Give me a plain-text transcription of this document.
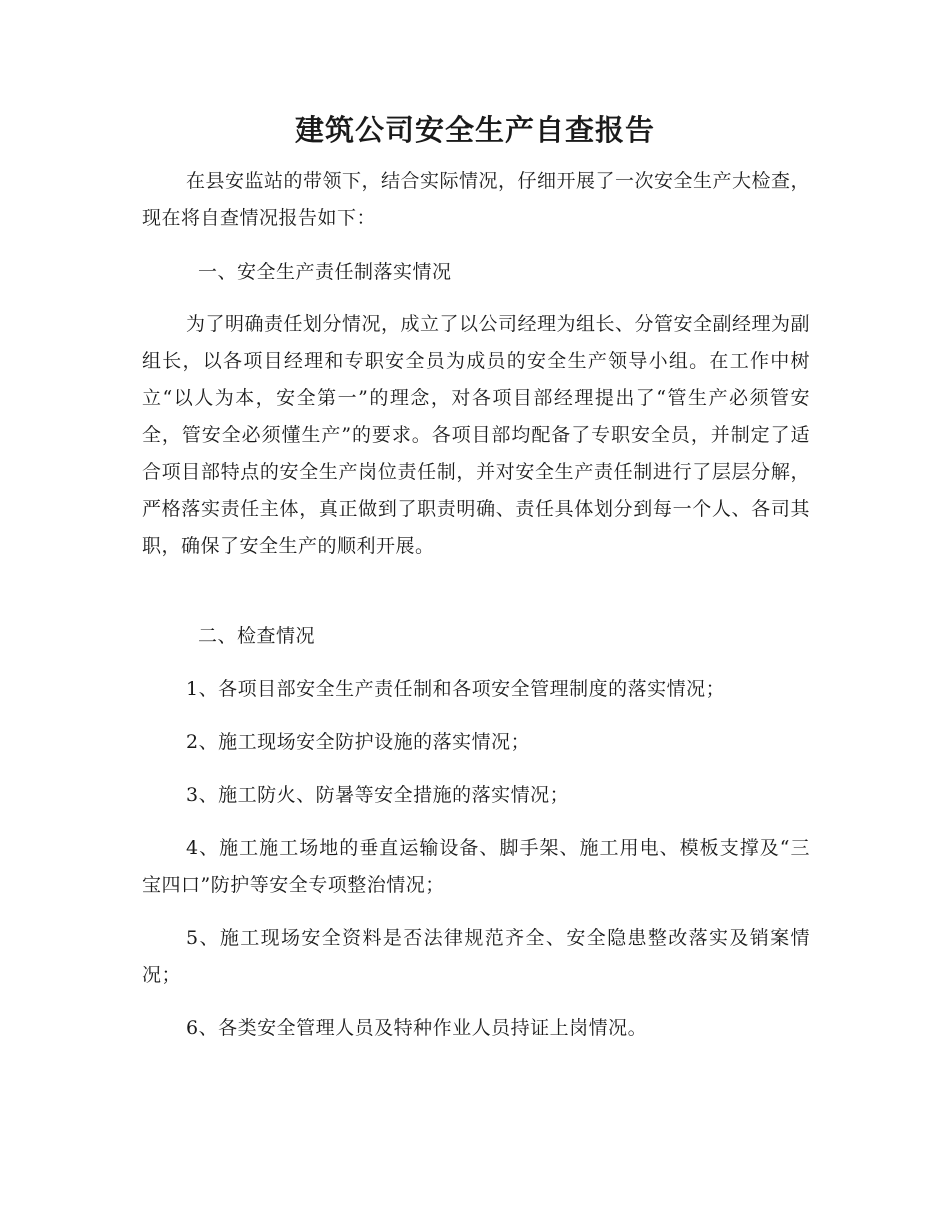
建筑公司安全生产自查报告

在县安监站的带领下，结合实际情况，仔细开展了一次安全生产大检查，现在将自查情况报告如下：

一、安全生产责任制落实情况

为了明确责任划分情况，成立了以公司经理为组长、分管安全副经理为副组长，以各项目经理和专职安全员为成员的安全生产领导小组。在工作中树立“以人为本，安全第一”的理念，对各项目部经理提出了“管生产必须管安全，管安全必须懂生产”的要求。各项目部均配备了专职安全员，并制定了适合项目部特点的安全生产岗位责任制，并对安全生产责任制进行了层层分解，严格落实责任主体，真正做到了职责明确、责任具体划分到每一个人、各司其职，确保了安全生产的顺利开展。

二、检查情况

1、各项目部安全生产责任制和各项安全管理制度的落实情况；

2、施工现场安全防护设施的落实情况；

3、施工防火、防暑等安全措施的落实情况；

4、施工施工场地的垂直运输设备、脚手架、施工用电、模板支撑及“三宝四口”防护等安全专项整治情况；

5、施工现场安全资料是否法律规范齐全、安全隐患整改落实及销案情况；

6、各类安全管理人员及特种作业人员持证上岗情况。
